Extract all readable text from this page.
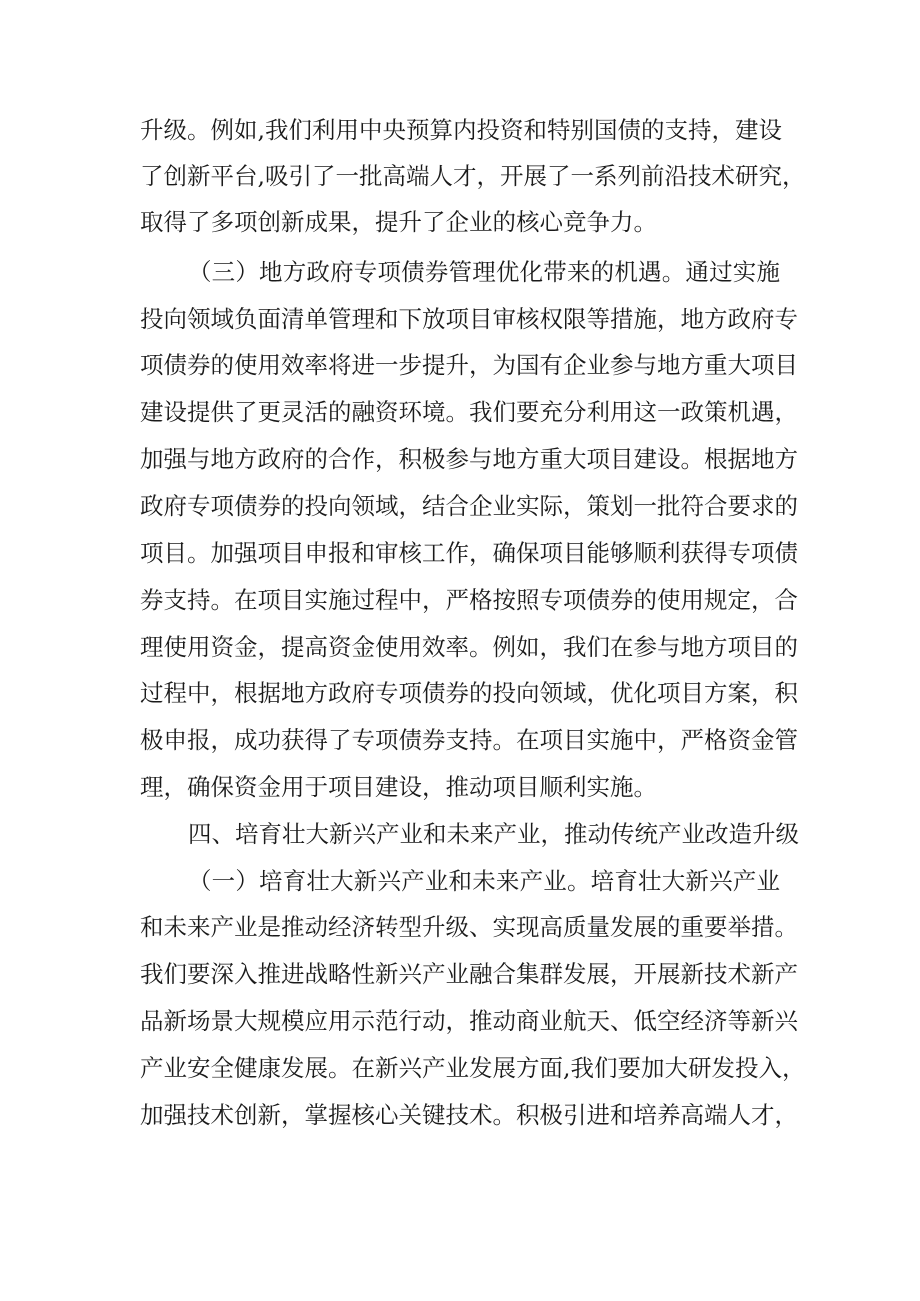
升级。例如,我们利用中央预算内投资和特别国债的支持，建设
了创新平台,吸引了一批高端人才，开展了一系列前沿技术研究，
取得了多项创新成果，提升了企业的核心竞争力。
（三）地方政府专项债券管理优化带来的机遇。通过实施
投向领域负面清单管理和下放项目审核权限等措施，地方政府专
项债券的使用效率将进一步提升，为国有企业参与地方重大项目
建设提供了更灵活的融资环境。我们要充分利用这一政策机遇，
加强与地方政府的合作，积极参与地方重大项目建设。根据地方
政府专项债券的投向领域，结合企业实际，策划一批符合要求的
项目。加强项目申报和审核工作，确保项目能够顺利获得专项债
券支持。在项目实施过程中，严格按照专项债券的使用规定，合
理使用资金，提高资金使用效率。例如，我们在参与地方项目的
过程中，根据地方政府专项债券的投向领域，优化项目方案，积
极申报，成功获得了专项债券支持。在项目实施中，严格资金管
理，确保资金用于项目建设，推动项目顺利实施。
四、培育壮大新兴产业和未来产业，推动传统产业改造升级
（一）培育壮大新兴产业和未来产业。培育壮大新兴产业
和未来产业是推动经济转型升级、实现高质量发展的重要举措。
我们要深入推进战略性新兴产业融合集群发展，开展新技术新产
品新场景大规模应用示范行动，推动商业航天、低空经济等新兴
产业安全健康发展。在新兴产业发展方面,我们要加大研发投入，
加强技术创新，掌握核心关键技术。积极引进和培养高端人才，
